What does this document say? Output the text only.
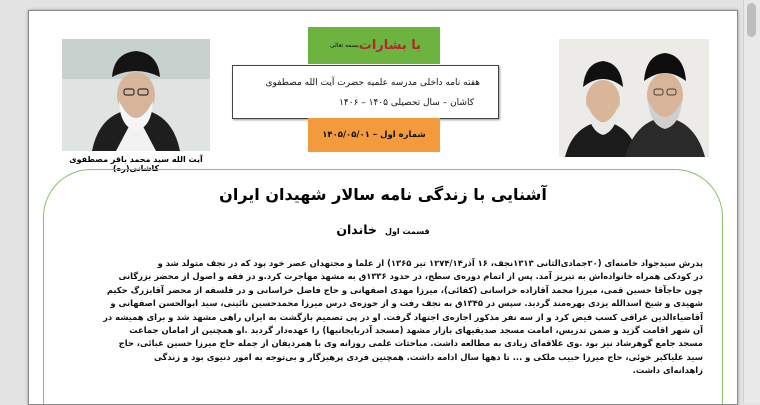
آیت الله سید محمد باقر مصطفوی کاشانی(ره)
با بشارات
بسمه تعالی
هفته نامه داخلی مدرسه علمیه حضرت آیت الله مصطفوی
کاشان – سال تحصیلی ۱۴۰۵ – ۱۴۰۶
شماره اول – ۱۴۰۵/۰۵/۰۱
آشنایی با زندگی نامه سالار شهیدان ایران
قسمت اول خاندان

پدرش سیدجواد خامنه‌ای (۲۰جمادی‌الثانی ۱۳۱۳نجف، ۱۶ آذر۱۲۷۴/۱۴ تیر ۱۳۶۵) از علما و مجتهدان عصر خود بود که در نجف متولد شد و
در کودکی همراه خانواده‌اش به تبریز آمد. پس از اتمام دوره‌ی سطح، در حدود ۱۳۳۶ق به مشهد مهاجرت کرد.و در فقه و اصول از محضر بزرگانی
چون حاجآقا حسین قمی، میرزا محمد آقازاده خراسانی (کفائی)، میرزا مهدی اصفهانی و حاج فاضل خراسانی و در فلسفه از محضر آقابزرگ حکیم
شهیدی و شیخ اسدالله یزدی بهره‌مند گردید. سپس در ۱۳۴۵ق به نجف رفت و از حوزه‌ی درس میرزا محمدحسین نائینی، سید ابوالحسن اصفهانی و
آقاضیاءالدین عراقی کسب فیض کرد و از سه نفر مذکور اجازه‌ی اجتهاد گرفت. او در پی تصمیم بازگشت به ایران راهی مشهد شد و برای همیشه در
آن شهر اقامت گزید و ضمن تدریس، امامت مسجد صدیقیهای بازار مشهد (مسجد آذربایجانیها) را عهده‌دار گردید .او همچنین از امامان جماعت
مسجد جامع گوهرشاد نیز بود .وی علاقه‌ای زیادی به مطالعه داشت. مباحثات علمی روزانه وی با همردیفان از جمله حاج میرزا حسین عبائی، حاج
سید علیاکبر خوئی، حاج میرزا حبیب ملکی و ... تا دهها سال ادامه داشت. همچنین فردی پرهیزگار و بی‌توجه به امور دنیوی بود و زندگی
زاهدانه‌ای داشت.
